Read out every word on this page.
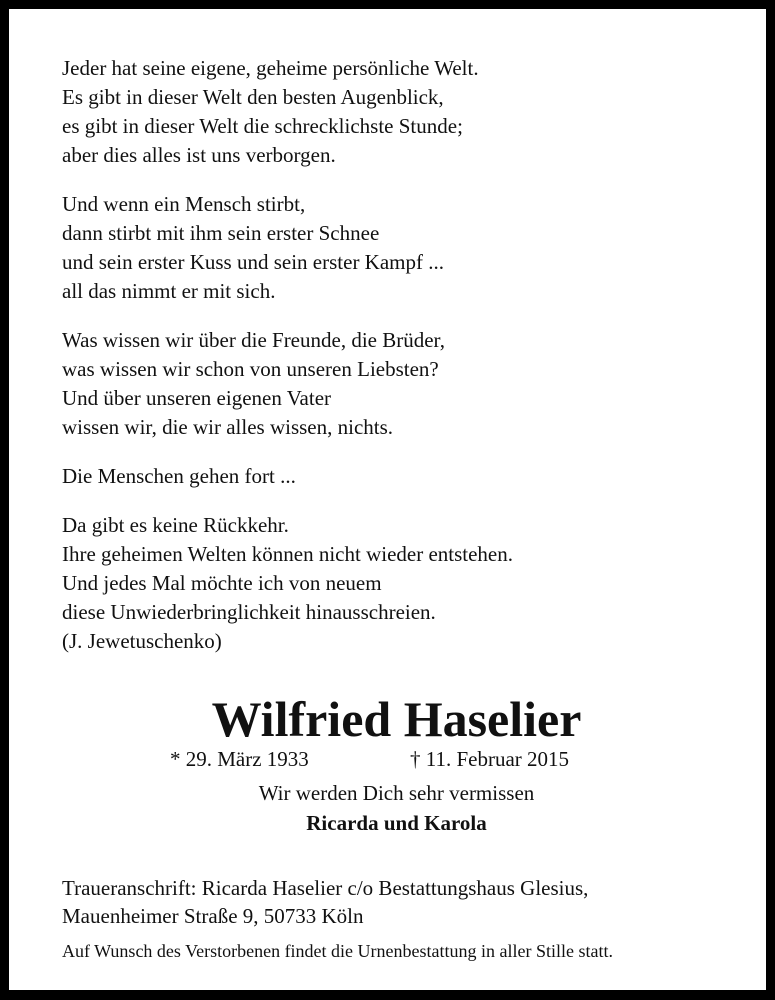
Jeder hat seine eigene, geheime persönliche Welt.
Es gibt in dieser Welt den besten Augenblick,
es gibt in dieser Welt die schrecklichste Stunde;
aber dies alles ist uns verborgen.
Und wenn ein Mensch stirbt,
dann stirbt mit ihm sein erster Schnee
und sein erster Kuss und sein erster Kampf ...
all das nimmt er mit sich.
Was wissen wir über die Freunde, die Brüder,
was wissen wir schon von unseren Liebsten?
Und über unseren eigenen Vater
wissen wir, die wir alles wissen, nichts.
Die Menschen gehen fort ...
Da gibt es keine Rückkehr.
Ihre geheimen Welten können nicht wieder entstehen.
Und jedes Mal möchte ich von neuem
diese Unwiederbringlichkeit hinausschreien.
(J. Jewetuschenko)
Wilfried Haselier
* 29. März 1933	† 11. Februar 2015
Wir werden Dich sehr vermissen
Ricarda und Karola
Traueranschrift: Ricarda Haselier c/o Bestattungshaus Glesius,
Mauenheimer Straße 9, 50733 Köln
Auf Wunsch des Verstorbenen findet die Urnenbestattung in aller Stille statt.
